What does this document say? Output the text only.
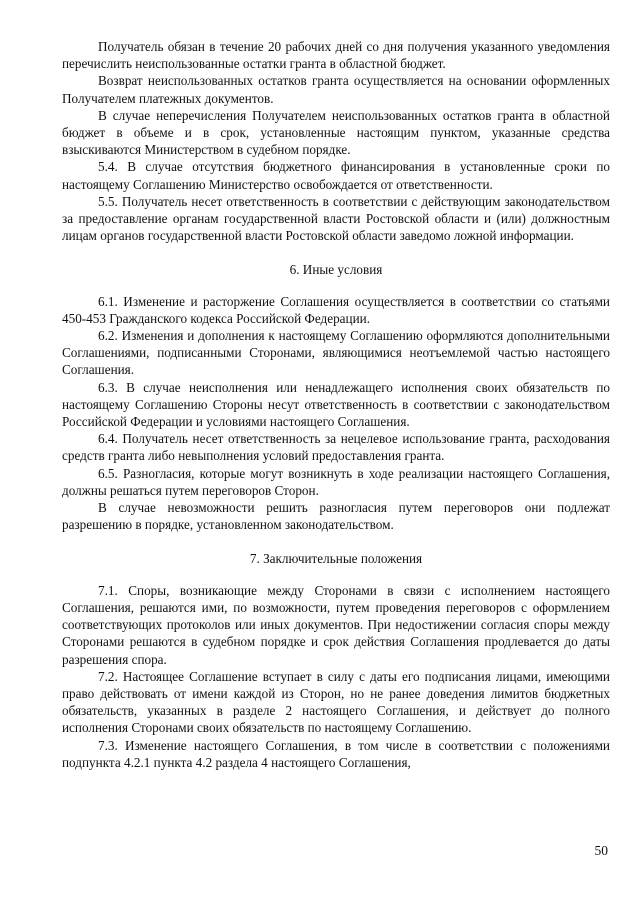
Получатель обязан в течение 20 рабочих дней со дня получения указанного уведомления перечислить неиспользованные остатки гранта в областной бюджет.

Возврат неиспользованных остатков гранта осуществляется на основании оформленных Получателем платежных документов.

В случае неперечисления Получателем неиспользованных остатков гранта в областной бюджет в объеме и в срок, установленные настоящим пунктом, указанные средства взыскиваются Министерством в судебном порядке.

5.4. В случае отсутствия бюджетного финансирования в установленные сроки по настоящему Соглашению Министерство освобождается от ответственности.

5.5. Получатель несет ответственность в соответствии с действующим законодательством за предоставление органам государственной власти Ростовской области и (или) должностным лицам органов государственной власти Ростовской области заведомо ложной информации.

6. Иные условия

6.1. Изменение и расторжение Соглашения осуществляется в соответствии со статьями 450-453 Гражданского кодекса Российской Федерации.

6.2. Изменения и дополнения к настоящему Соглашению оформляются дополнительными Соглашениями, подписанными Сторонами, являющимися неотъемлемой частью настоящего Соглашения.

6.3. В случае неисполнения или ненадлежащего исполнения своих обязательств по настоящему Соглашению Стороны несут ответственность в соответствии с законодательством Российской Федерации и условиями настоящего Соглашения.

6.4. Получатель несет ответственность за нецелевое использование гранта, расходования средств гранта либо невыполнения условий предоставления гранта.

6.5. Разногласия, которые могут возникнуть в ходе реализации настоящего Соглашения, должны решаться путем переговоров Сторон.

В случае невозможности решить разногласия путем переговоров они подлежат разрешению в порядке, установленном законодательством.

7. Заключительные положения

7.1. Споры, возникающие между Сторонами в связи с исполнением настоящего Соглашения, решаются ими, по возможности, путем проведения переговоров с оформлением соответствующих протоколов или иных документов. При недостижении согласия споры между Сторонами решаются в судебном порядке и срок действия Соглашения продлевается до даты разрешения спора.

7.2. Настоящее Соглашение вступает в силу с даты его подписания лицами, имеющими право действовать от имени каждой из Сторон, но не ранее доведения лимитов бюджетных обязательств, указанных в разделе 2 настоящего Соглашения, и действует до полного исполнения Сторонами своих обязательств по настоящему Соглашению.

7.3. Изменение настоящего Соглашения, в том числе в соответствии с положениями подпункта 4.2.1 пункта 4.2 раздела 4 настоящего Соглашения,

50
